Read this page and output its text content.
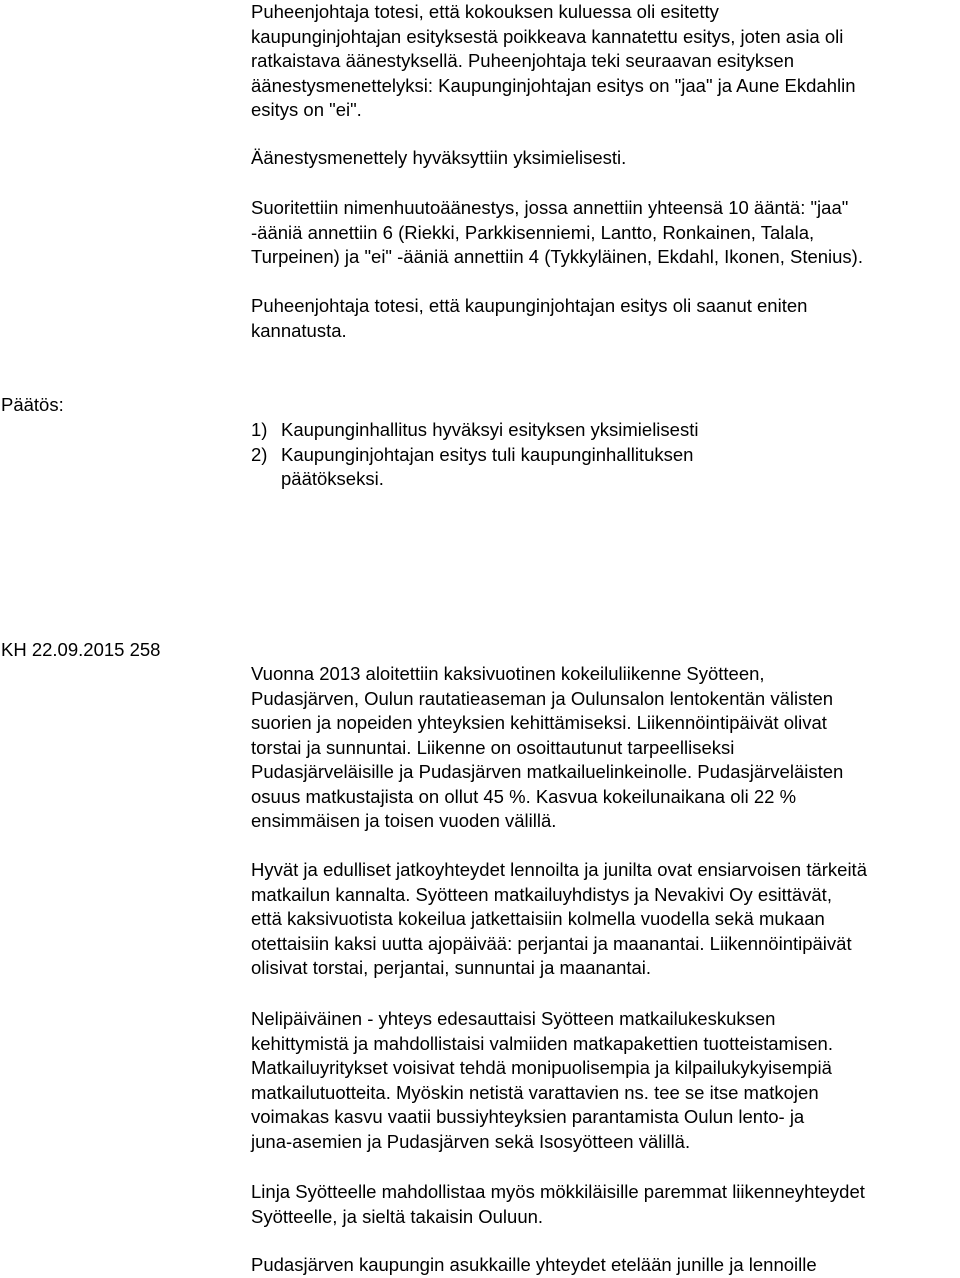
Puheenjohtaja totesi, että kokouksen kuluessa oli esitetty

kaupunginjohtajan esityksestä poikkeava kannatettu esitys, joten asia oli

ratkaistava äänestyksellä. Puheenjohtaja teki seuraavan esityksen

äänestysmenettelyksi: Kaupunginjohtajan esitys on "jaa" ja Aune Ekdahlin

esitys on "ei".

Äänestysmenettely hyväksyttiin yksimielisesti.

Suoritettiin nimenhuutoäänestys, jossa annettiin yhteensä 10 ääntä: "jaa"

-ääniä annettiin 6 (Riekki, Parkkisenniemi, Lantto, Ronkainen, Talala,

Turpeinen) ja "ei" -ääniä annettiin 4 (Tykkyläinen, Ekdahl, Ikonen, Stenius).

Puheenjohtaja totesi, että kaupunginjohtajan esitys oli saanut eniten

kannatusta.

Päätös:

1) Kaupunginhallitus hyväksyi esityksen yksimielisesti

2) Kaupunginjohtajan esitys tuli kaupunginhallituksen

päätökseksi.

KH 22.09.2015 258

Vuonna 2013 aloitettiin kaksivuotinen kokeiluliikenne Syötteen,

Pudasjärven, Oulun rautatieaseman ja Oulunsalon lentokentän välisten

suorien ja nopeiden yhteyksien kehittämiseksi. Liikennöintipäivät olivat

torstai ja sunnuntai. Liikenne on osoittautunut tarpeelliseksi

Pudasjärveläisille ja Pudasjärven matkailuelinkeinolle. Pudasjärveläisten

osuus matkustajista on ollut 45 %. Kasvua kokeilunaikana oli 22 %

ensimmäisen ja toisen vuoden välillä.

Hyvät ja edulliset jatkoyhteydet lennoilta ja junilta ovat ensiarvoisen tärkeitä

matkailun kannalta. Syötteen matkailuyhdistys ja Nevakivi Oy esittävät,

että kaksivuotista kokeilua jatkettaisiin kolmella vuodella sekä mukaan

otettaisiin kaksi uutta ajopäivää: perjantai ja maanantai. Liikennöintipäivät

olisivat torstai, perjantai, sunnuntai ja maanantai.

Nelipäiväinen - yhteys edesauttaisi Syötteen matkailukeskuksen

kehittymistä ja mahdollistaisi valmiiden matkapakettien tuotteistamisen.

Matkailuyritykset voisivat tehdä monipuolisempia ja kilpailukykyisempiä

matkailutuotteita. Myöskin netistä varattavien ns. tee se itse matkojen

voimakas kasvu vaatii bussiyhteyksien parantamista Oulun lento- ja

juna-asemien ja Pudasjärven sekä Isosyötteen välillä.

Linja Syötteelle mahdollistaa myös mökkiläisille paremmat liikenneyhteydet

Syötteelle, ja sieltä takaisin Ouluun.

Pudasjärven kaupungin asukkaille yhteydet etelään junille ja lennoille
